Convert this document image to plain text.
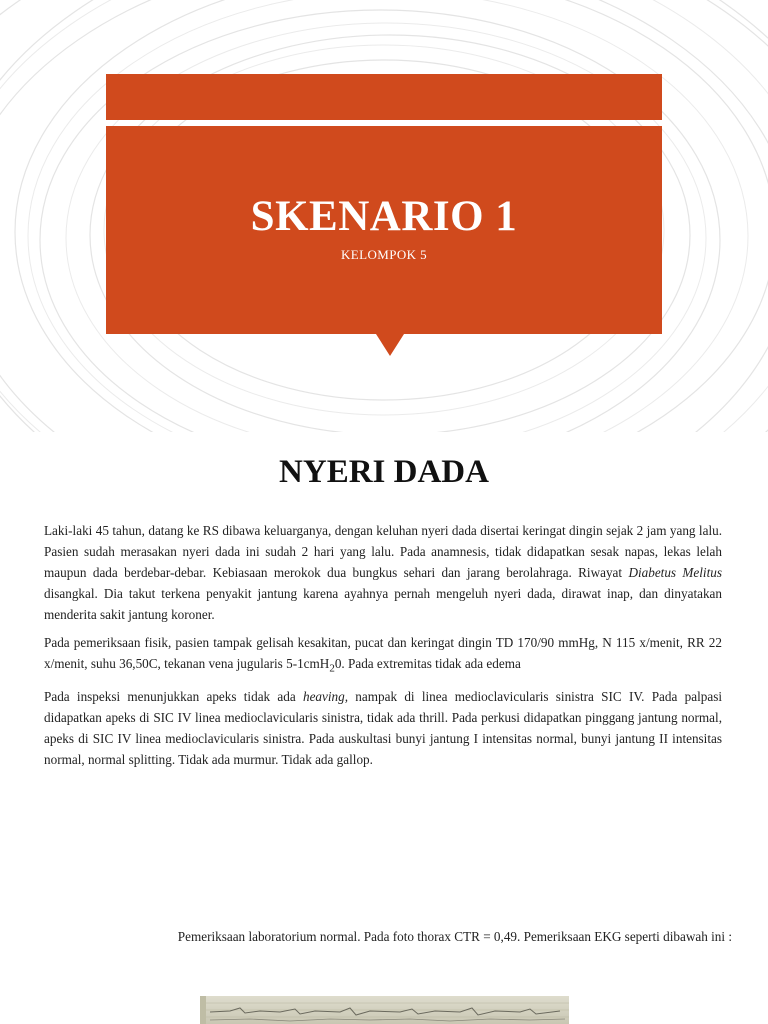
SKENARIO 1
KELOMPOK 5
NYERI DADA

Laki-laki 45 tahun, datang ke RS dibawa keluarganya, dengan keluhan nyeri dada disertai keringat dingin sejak 2 jam yang lalu. Pasien sudah merasakan nyeri dada ini sudah 2 hari yang lalu. Pada anamnesis, tidak didapatkan sesak napas, lekas lelah maupun dada berdebar-debar. Kebiasaan merokok dua bungkus sehari dan jarang berolahraga. Riwayat Diabetus Melitus disangkal. Dia takut terkena penyakit jantung karena ayahnya pernah mengeluh nyeri dada, dirawat inap, dan dinyatakan menderita sakit jantung koroner.

Pada pemeriksaan fisik, pasien tampak gelisah kesakitan, pucat dan keringat dingin TD 170/90 mmHg, N 115 x/menit, RR 22 x/menit, suhu 36,50C, tekanan vena jugularis 5-1cmH$_2$0. Pada extremitas tidak ada edema

Pada inspeksi menunjukkan apeks tidak ada heaving, nampak di linea medioclavicularis sinistra SIC IV. Pada palpasi didapatkan apeks di SIC IV linea medioclavicularis sinistra, tidak ada thrill. Pada perkusi didapatkan pinggang jantung normal, apeks di SIC IV linea medioclavicularis sinistra. Pada auskultasi bunyi jantung I intensitas normal, bunyi jantung II intensitas normal, normal splitting. Tidak ada murmur. Tidak ada gallop.

Pemeriksaan laboratorium normal. Pada foto thorax CTR = 0,49. Pemeriksaan EKG seperti dibawah ini :
